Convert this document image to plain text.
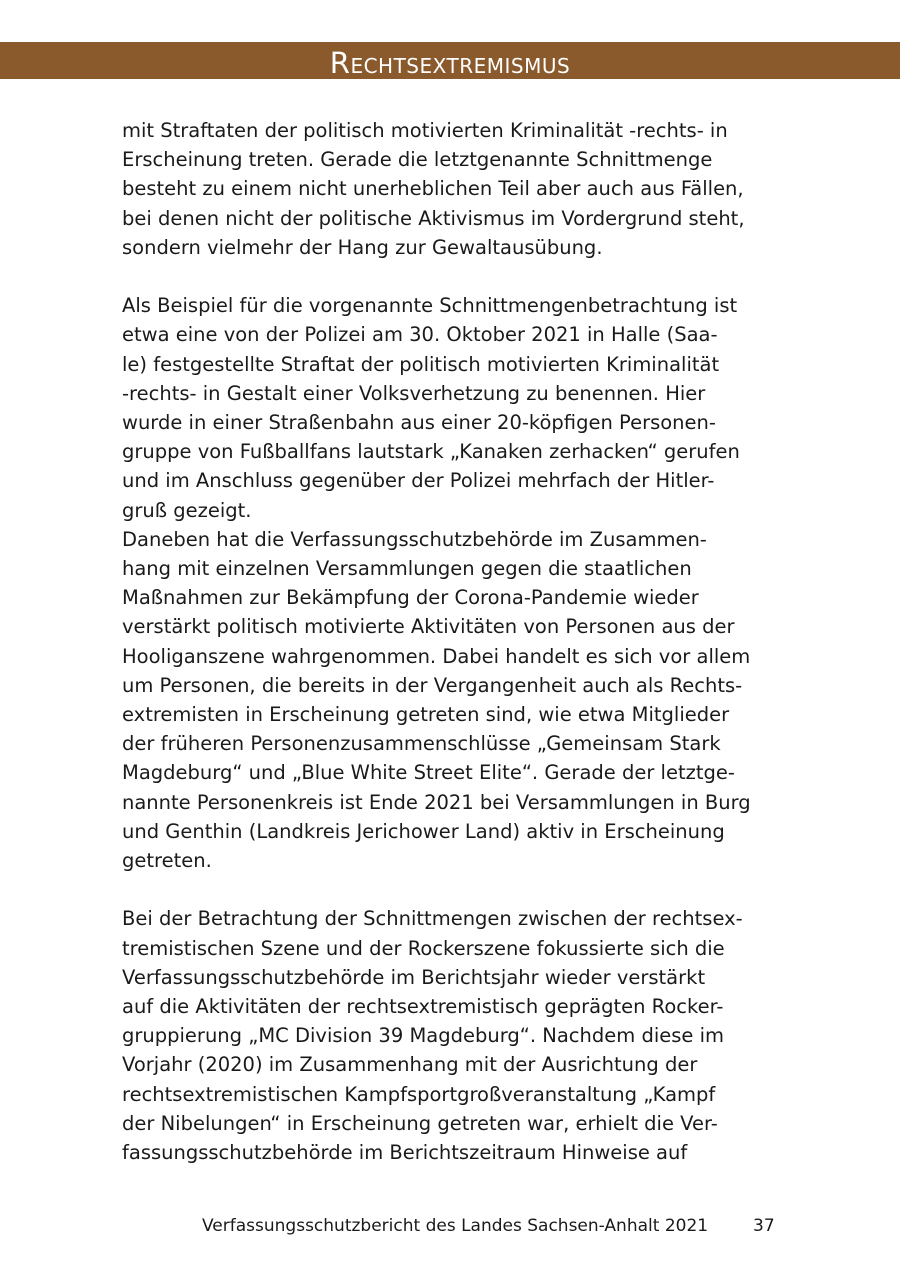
Rechtsextremismus
mit Straftaten der politisch motivierten Kriminalität -rechts- in
Erscheinung treten. Gerade die letztgenannte Schnittmenge
besteht zu einem nicht unerheblichen Teil aber auch aus Fällen,
bei denen nicht der politische Aktivismus im Vordergrund steht,
sondern vielmehr der Hang zur Gewaltausübung.
Als Beispiel für die vorgenannte Schnittmengenbetrachtung ist
etwa eine von der Polizei am 30. Oktober 2021 in Halle (Saa-
le) festgestellte Straftat der politisch motivierten Kriminalität
-rechts- in Gestalt einer Volksverhetzung zu benennen. Hier
wurde in einer Straßenbahn aus einer 20-köpfigen Personen-
gruppe von Fußballfans lautstark „Kanaken zerhacken“ gerufen
und im Anschluss gegenüber der Polizei mehrfach der Hitler-
gruß gezeigt.
Daneben hat die Verfassungsschutzbehörde im Zusammen-
hang mit einzelnen Versammlungen gegen die staatlichen
Maßnahmen zur Bekämpfung der Corona-Pandemie wieder
verstärkt politisch motivierte Aktivitäten von Personen aus der
Hooliganszene wahrgenommen. Dabei handelt es sich vor allem
um Personen, die bereits in der Vergangenheit auch als Rechts-
extremisten in Erscheinung getreten sind, wie etwa Mitglieder
der früheren Personenzusammenschlüsse „Gemeinsam Stark
Magdeburg“ und „Blue White Street Elite“. Gerade der letztge-
nannte Personenkreis ist Ende 2021 bei Versammlungen in Burg
und Genthin (Landkreis Jerichower Land) aktiv in Erscheinung
getreten.
Bei der Betrachtung der Schnittmengen zwischen der rechtsex-
tremistischen Szene und der Rockerszene fokussierte sich die
Verfassungsschutzbehörde im Berichtsjahr wieder verstärkt
auf die Aktivitäten der rechtsextremistisch geprägten Rocker-
gruppierung „MC Division 39 Magdeburg“. Nachdem diese im
Vorjahr (2020) im Zusammenhang mit der Ausrichtung der
rechtsextremistischen Kampfsportgroßveranstaltung „Kampf
der Nibelungen“ in Erscheinung getreten war, erhielt die Ver-
fassungsschutzbehörde im Berichtszeitraum Hinweise auf
Verfassungsschutzbericht des Landes Sachsen-Anhalt 2021	37
